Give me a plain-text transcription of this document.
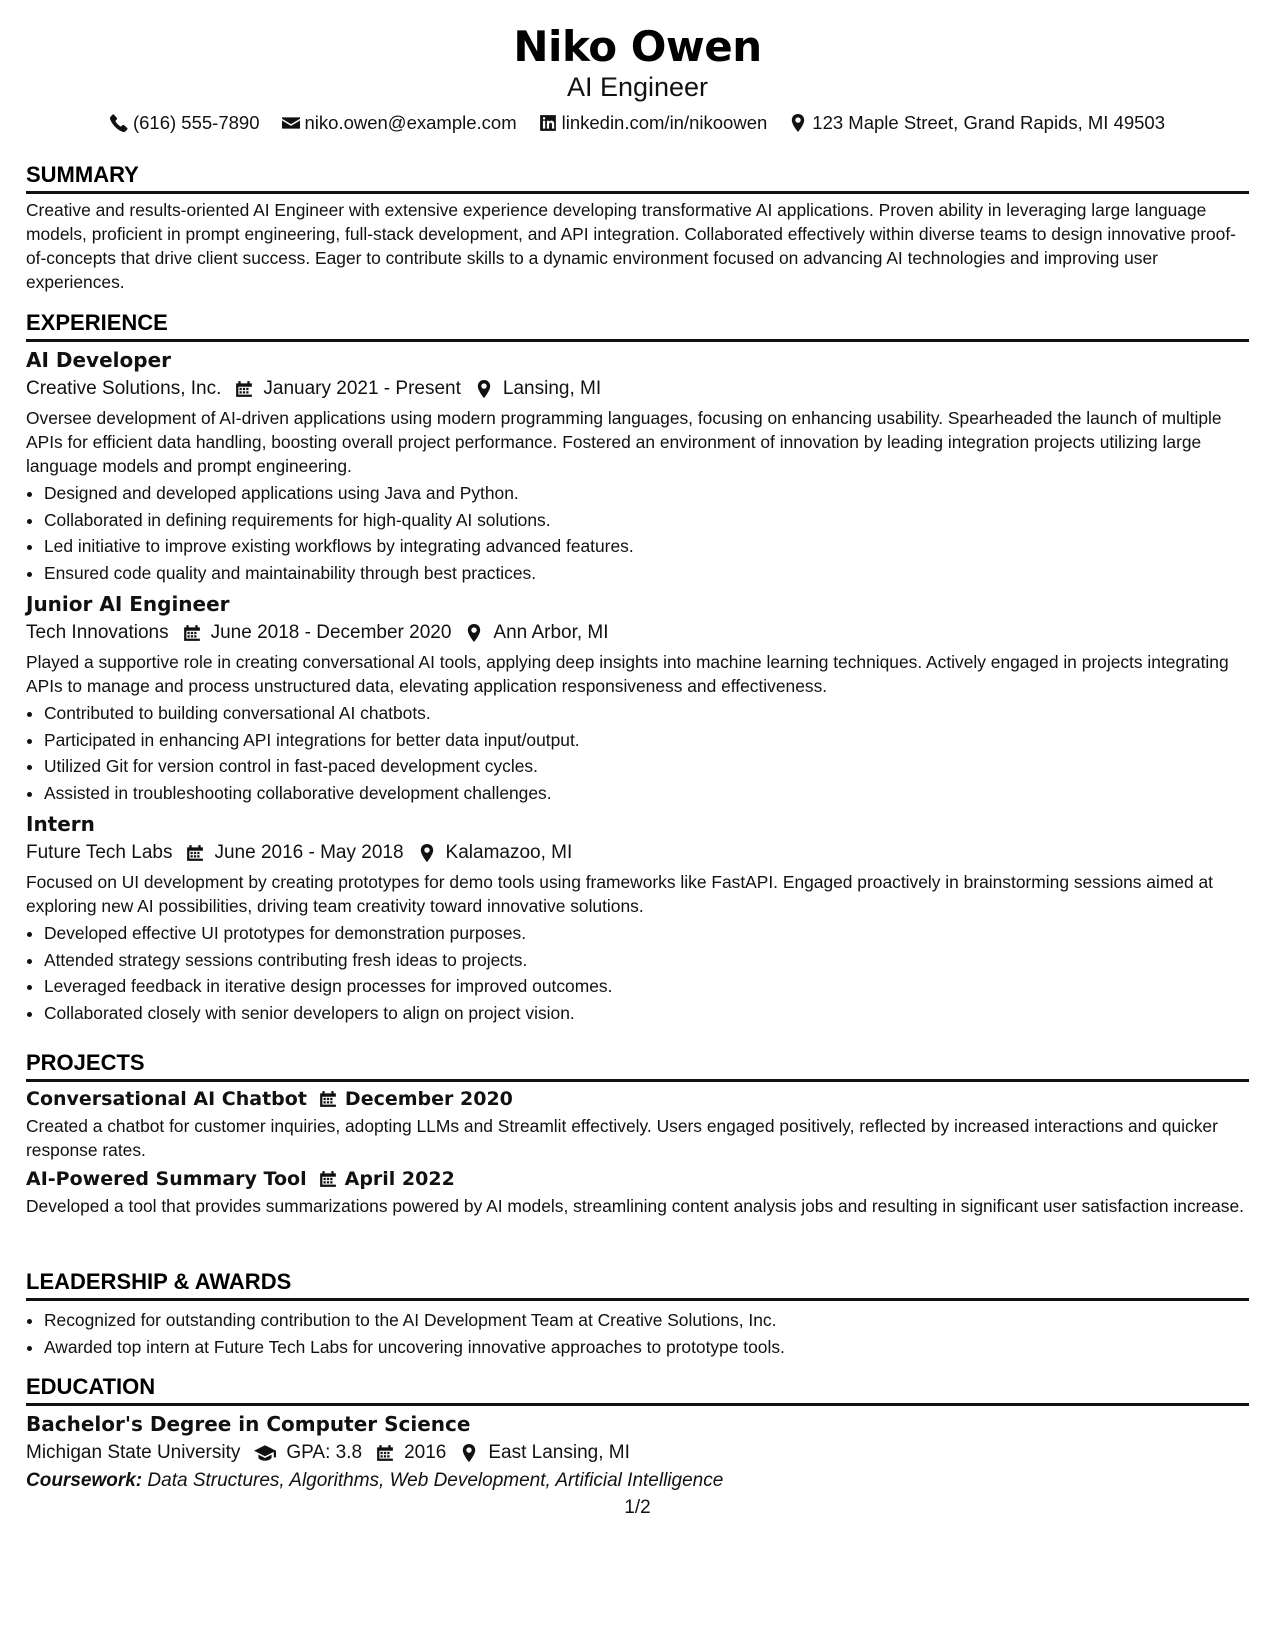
Niko Owen
AI Engineer
(616) 555-7890 niko.owen@example.com linkedin.com/in/nikoowen 123 Maple Street, Grand Rapids, MI 49503
SUMMARY
Creative and results-oriented AI Engineer with extensive experience developing transformative AI applications. Proven ability in leveraging large language models, proficient in prompt engineering, full-stack development, and API integration. Collaborated effectively within diverse teams to design innovative proof-of-concepts that drive client success. Eager to contribute skills to a dynamic environment focused on advancing AI technologies and improving user experiences.
EXPERIENCE
AI Developer
Creative Solutions, Inc. January 2021 - Present Lansing, MI
Oversee development of AI-driven applications using modern programming languages, focusing on enhancing usability. Spearheaded the launch of multiple APIs for efficient data handling, boosting overall project performance. Fostered an environment of innovation by leading integration projects utilizing large language models and prompt engineering.
• Designed and developed applications using Java and Python.
• Collaborated in defining requirements for high-quality AI solutions.
• Led initiative to improve existing workflows by integrating advanced features.
• Ensured code quality and maintainability through best practices.
Junior AI Engineer
Tech Innovations June 2018 - December 2020 Ann Arbor, MI
Played a supportive role in creating conversational AI tools, applying deep insights into machine learning techniques. Actively engaged in projects integrating APIs to manage and process unstructured data, elevating application responsiveness and effectiveness.
• Contributed to building conversational AI chatbots.
• Participated in enhancing API integrations for better data input/output.
• Utilized Git for version control in fast-paced development cycles.
• Assisted in troubleshooting collaborative development challenges.
Intern
Future Tech Labs June 2016 - May 2018 Kalamazoo, MI
Focused on UI development by creating prototypes for demo tools using frameworks like FastAPI. Engaged proactively in brainstorming sessions aimed at exploring new AI possibilities, driving team creativity toward innovative solutions.
• Developed effective UI prototypes for demonstration purposes.
• Attended strategy sessions contributing fresh ideas to projects.
• Leveraged feedback in iterative design processes for improved outcomes.
• Collaborated closely with senior developers to align on project vision.
PROJECTS
Conversational AI Chatbot December 2020
Created a chatbot for customer inquiries, adopting LLMs and Streamlit effectively. Users engaged positively, reflected by increased interactions and quicker response rates.
AI-Powered Summary Tool April 2022
Developed a tool that provides summarizations powered by AI models, streamlining content analysis jobs and resulting in significant user satisfaction increase.
LEADERSHIP & AWARDS
• Recognized for outstanding contribution to the AI Development Team at Creative Solutions, Inc.
• Awarded top intern at Future Tech Labs for uncovering innovative approaches to prototype tools.
EDUCATION
Bachelor's Degree in Computer Science
Michigan State University GPA: 3.8 2016 East Lansing, MI
Coursework: Data Structures, Algorithms, Web Development, Artificial Intelligence
1/2
